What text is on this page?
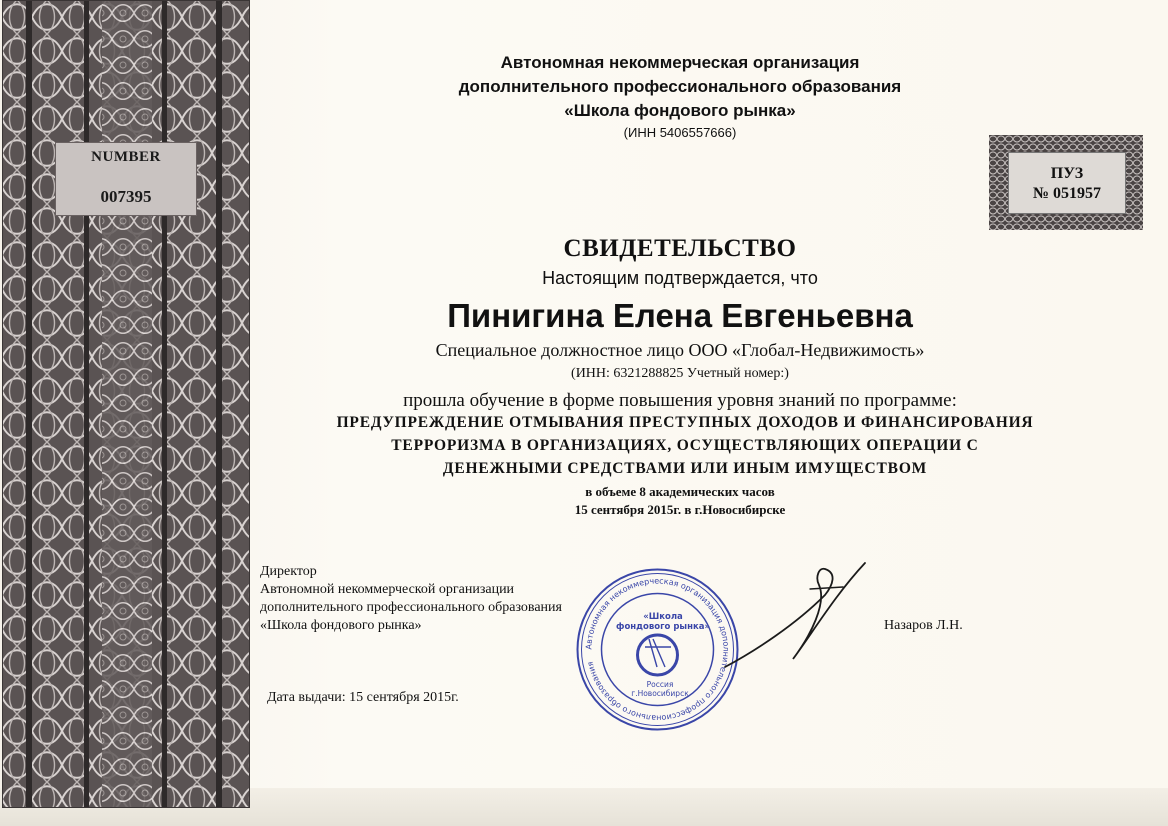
NUMBER
007395
ПУЗ
№ 051957
Автономная некоммерческая организация
дополнительного профессионального образования
«Школа фондового рынка»
(ИНН 5406557666)
СВИДЕТЕЛЬСТВО
Настоящим подтверждается, что
Пинигина Елена Евгеньевна
Специальное должностное лицо ООО «Глобал-Недвижимость»
(ИНН: 6321288825 Учетный номер:)
прошла обучение в форме повышения уровня знаний по программе:
ПРЕДУПРЕЖДЕНИЕ ОТМЫВАНИЯ ПРЕСТУПНЫХ ДОХОДОВ И ФИНАНСИРОВАНИЯ
ТЕРРОРИЗМА В ОРГАНИЗАЦИЯХ, ОСУЩЕСТВЛЯЮЩИХ ОПЕРАЦИИ С
ДЕНЕЖНЫМИ СРЕДСТВАМИ ИЛИ ИНЫМ ИМУЩЕСТВОМ
в объеме 8 академических часов
15 сентября 2015г. в г.Новосибирске
Директор
Автономной некоммерческой организации
дополнительного профессионального образования
«Школа фондового рынка»
Автономная некоммерческая организация дополнительного профессионального образования
«Школа
фондового рынка»
Россия
г.Новосибирск
Назаров Л.Н.
Дата выдачи: 15 сентября 2015г.
